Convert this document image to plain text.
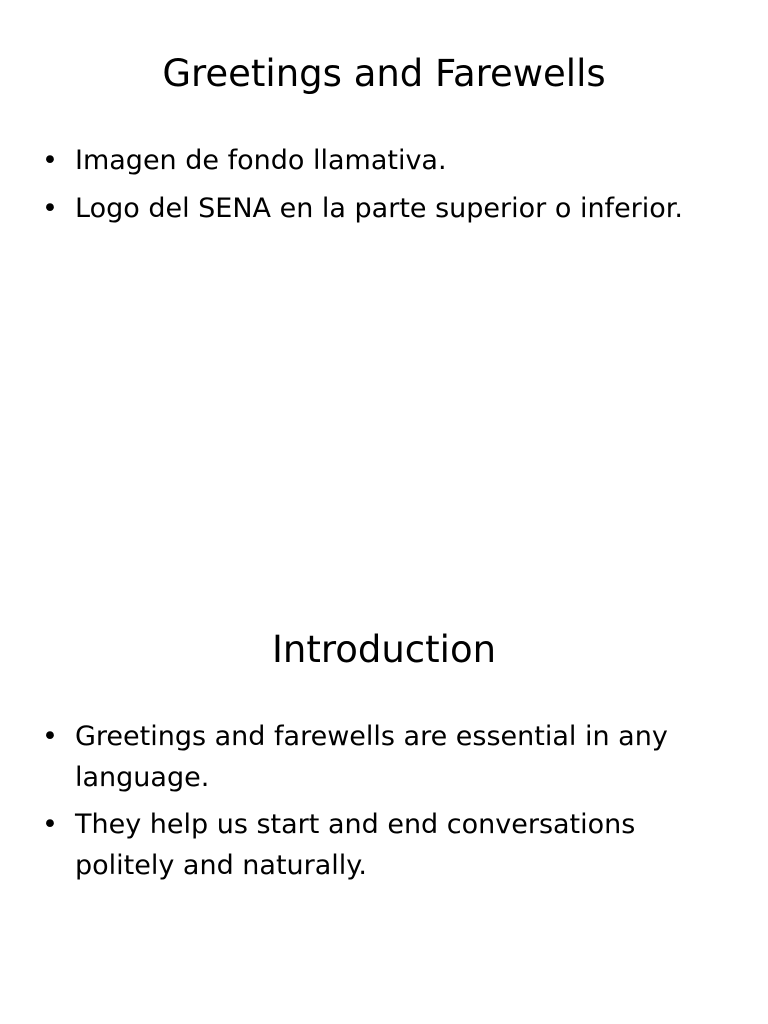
Greetings and Farewells
• Imagen de fondo llamativa.
• Logo del SENA en la parte superior o inferior.
Introduction
• Greetings and farewells are essential in any language.
• They help us start and end conversations politely and naturally.
